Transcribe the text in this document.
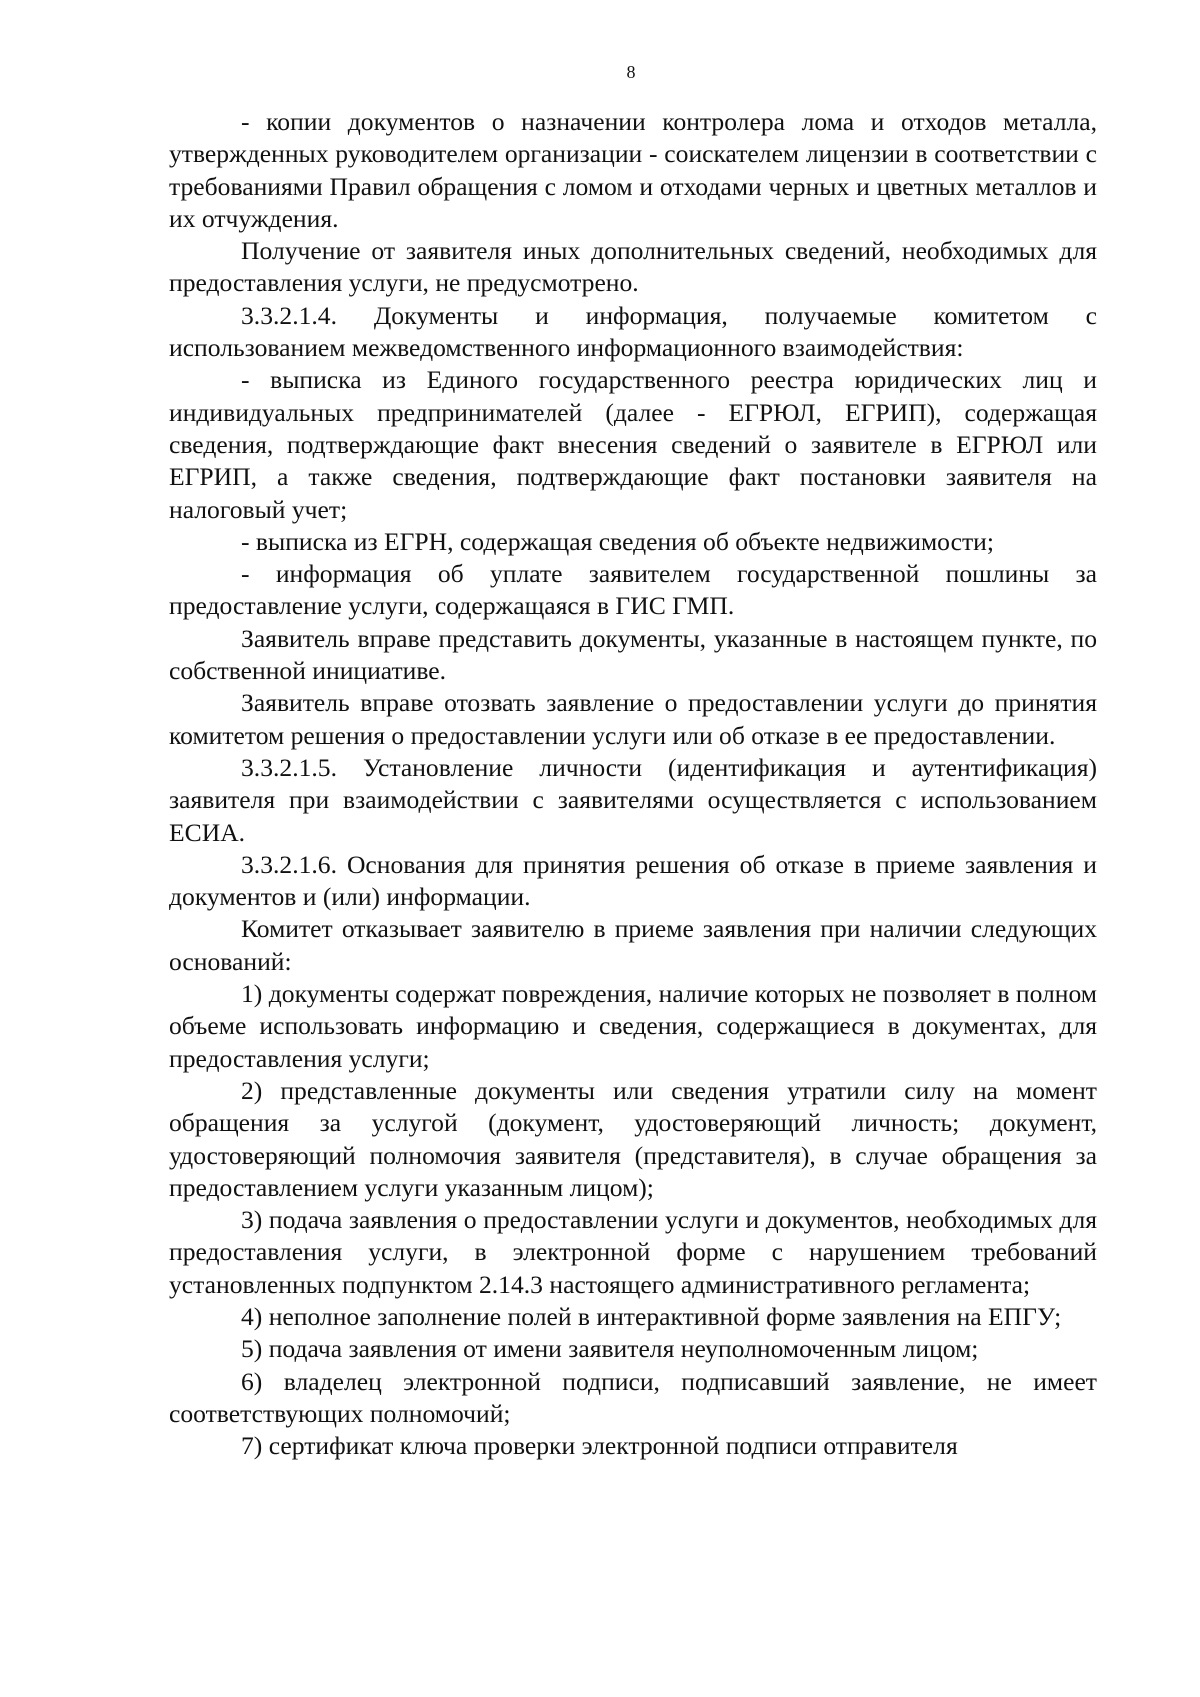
8

- копии документов о назначении контролера лома и отходов металла, утвержденных руководителем организации - соискателем лицензии в соответствии с требованиями Правил обращения с ломом и отходами черных и цветных металлов и их отчуждения.

Получение от заявителя иных дополнительных сведений, необходимых для предоставления услуги, не предусмотрено.

3.3.2.1.4. Документы и информация, получаемые комитетом с использованием межведомственного информационного взаимодействия:

- выписка из Единого государственного реестра юридических лиц и индивидуальных предпринимателей (далее - ЕГРЮЛ, ЕГРИП), содержащая сведения, подтверждающие факт внесения сведений о заявителе в ЕГРЮЛ или ЕГРИП, а также сведения, подтверждающие факт постановки заявителя на налоговый учет;

- выписка из ЕГРН, содержащая сведения об объекте недвижимости;

- информация об уплате заявителем государственной пошлины за предоставление услуги, содержащаяся в ГИС ГМП.

Заявитель вправе представить документы, указанные в настоящем пункте, по собственной инициативе.

Заявитель вправе отозвать заявление о предоставлении услуги до принятия комитетом решения о предоставлении услуги или об отказе в ее предоставлении.

3.3.2.1.5. Установление личности (идентификация и аутентификация) заявителя при взаимодействии с заявителями осуществляется с использованием ЕСИА.

3.3.2.1.6. Основания для принятия решения об отказе в приеме заявления и документов и (или) информации.

Комитет отказывает заявителю в приеме заявления при наличии следующих оснований:

1) документы содержат повреждения, наличие которых не позволяет в полном объеме использовать информацию и сведения, содержащиеся в документах, для предоставления услуги;

2) представленные документы или сведения утратили силу на момент обращения за услугой (документ, удостоверяющий личность; документ, удостоверяющий полномочия заявителя (представителя), в случае обращения за предоставлением услуги указанным лицом);

3) подача заявления о предоставлении услуги и документов, необходимых для предоставления услуги, в электронной форме с нарушением требований установленных подпунктом 2.14.3 настоящего административного регламента;

4) неполное заполнение полей в интерактивной форме заявления на ЕПГУ;

5) подача заявления от имени заявителя неуполномоченным лицом;

6) владелец электронной подписи, подписавший заявление, не имеет соответствующих полномочий;

7) сертификат ключа проверки электронной подписи отправителя
